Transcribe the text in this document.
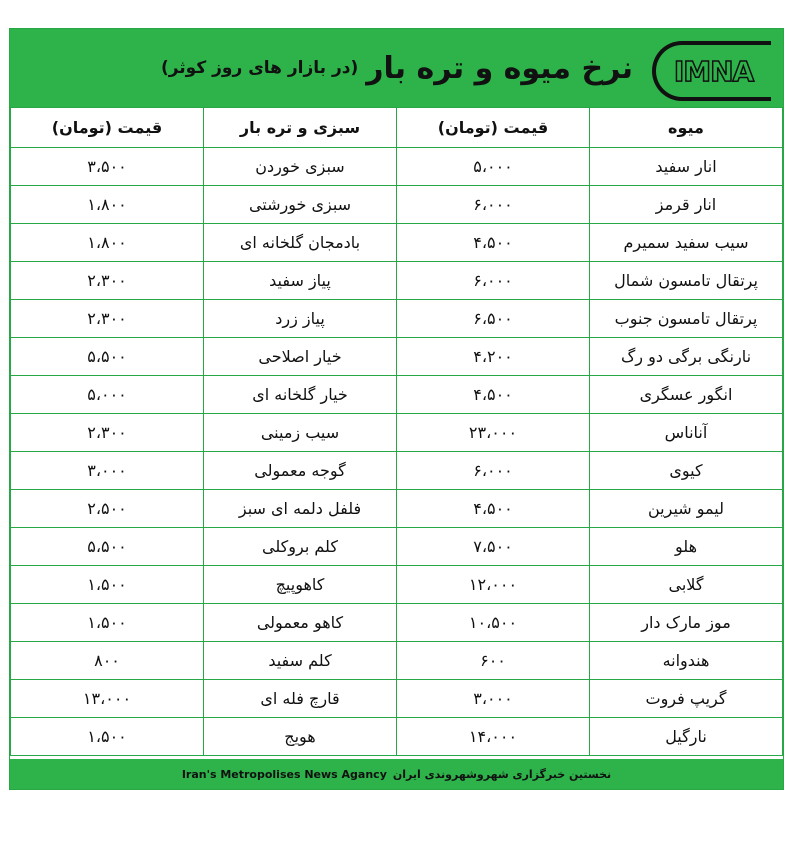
IMNA
نرخ میوه و تره بار
(در بازار های روز کوثر)
میوه	قیمت (تومان)	سبزی و تره بار	قیمت (تومان)
انار سفید	۵،۰۰۰	سبزی خوردن	۳،۵۰۰
انار قرمز	۶،۰۰۰	سبزی خورشتی	۱،۸۰۰
سیب سفید سمیرم	۴،۵۰۰	بادمجان گلخانه ای	۱،۸۰۰
پرتقال تامسون شمال	۶،۰۰۰	پیاز سفید	۲،۳۰۰
پرتقال تامسون جنوب	۶،۵۰۰	پیاز زرد	۲،۳۰۰
نارنگی برگی دو رگ	۴،۲۰۰	خیار اصلاحی	۵،۵۰۰
انگور عسگری	۴،۵۰۰	خیار گلخانه ای	۵،۰۰۰
آناناس	۲۳،۰۰۰	سیب زمینی	۲،۳۰۰
کیوی	۶،۰۰۰	گوجه معمولی	۳،۰۰۰
لیمو شیرین	۴،۵۰۰	فلفل دلمه ای سبز	۲،۵۰۰
هلو	۷،۵۰۰	کلم بروکلی	۵،۵۰۰
گلابی	۱۲،۰۰۰	کاهوپیچ	۱،۵۰۰
موز مارک دار	۱۰،۵۰۰	کاهو معمولی	۱،۵۰۰
هندوانه	۶۰۰	کلم سفید	۸۰۰
گریپ فروت	۳،۰۰۰	قارچ فله ای	۱۳،۰۰۰
نارگیل	۱۴،۰۰۰	هویج	۱،۵۰۰
Iran's Metropolises News Agancy نخستین خبرگزاری شهروشهروندی ایران
